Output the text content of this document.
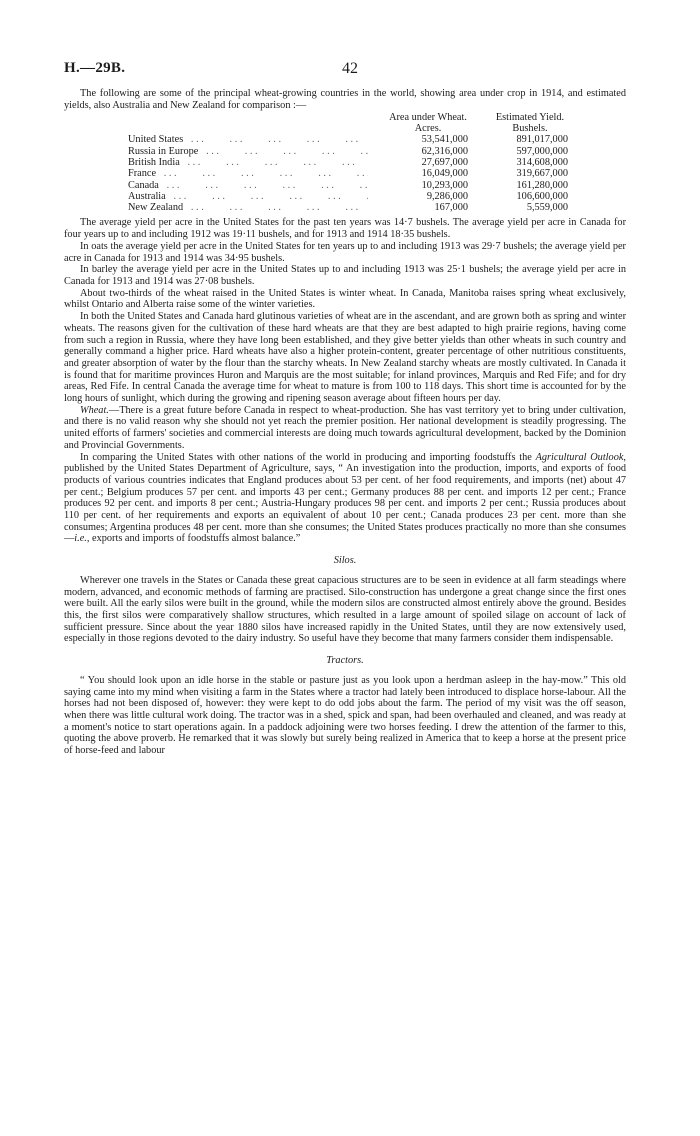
H.—29B.	42

The following are some of the principal wheat-growing countries in the world, showing area under crop in 1914, and estimated yields, also Australia and New Zealand for comparison :—

Area under Wheat.
Acres.
Estimated Yield.
Bushels.
United States . . .	53,541,000	891,017,000
Russia in Europe . . .	62,316,000	597,000,000
British India . . .	27,697,000	314,608,000
France . . .	16,049,000	319,667,000
Canada . . .	10,293,000	161,280,000
Australia . . .	9,286,000	106,600,000
New Zealand . . .	167,000	5,559,000

The average yield per acre in the United States for the past ten years was 14·7 bushels. The average yield per acre in Canada for four years up to and including 1912 was 19·11 bushels, and for 1913 and 1914 18·35 bushels.

In oats the average yield per acre in the United States for ten years up to and including 1913 was 29·7 bushels; the average yield per acre in Canada for 1913 and 1914 was 34·95 bushels.

In barley the average yield per acre in the United States up to and including 1913 was 25·1 bushels; the average yield per acre in Canada for 1913 and 1914 was 27·08 bushels.

About two-thirds of the wheat raised in the United States is winter wheat. In Canada, Manitoba raises spring wheat exclusively, whilst Ontario and Alberta raise some of the winter varieties.

In both the United States and Canada hard glutinous varieties of wheat are in the ascendant, and are grown both as spring and winter wheats. The reasons given for the cultivation of these hard wheats are that they are best adapted to high prairie regions, having come from such a region in Russia, where they have long been established, and they give better yields than other wheats in such country and generally command a higher price. Hard wheats have also a higher protein-content, greater percentage of other nutritious constituents, and greater absorption of water by the flour than the starchy wheats. In New Zealand starchy wheats are mostly cultivated. In Canada it is found that for maritime provinces Huron and Marquis are the most suitable; for inland provinces, Marquis and Red Fife; and for dry areas, Red Fife. In central Canada the average time for wheat to mature is from 100 to 118 days. This short time is accounted for by the long hours of sunlight, which during the growing and ripening season average about fifteen hours per day.

Wheat.—There is a great future before Canada in respect to wheat-production. She has vast territory yet to bring under cultivation, and there is no valid reason why she should not yet reach the premier position. Her national development is steadily progressing. The united efforts of farmers' societies and commercial interests are doing much towards agricultural development, backed by the Dominion and Provincial Governments.

In comparing the United States with other nations of the world in producing and importing foodstuffs the Agricultural Outlook, published by the United States Department of Agriculture, says, “ An investigation into the production, imports, and exports of food products of various countries indicates that England produces about 53 per cent. of her food requirements, and imports (net) about 47 per cent.; Belgium produces 57 per cent. and imports 43 per cent.; Germany produces 88 per cent. and imports 12 per cent.; France produces 92 per cent. and imports 8 per cent.; Austria-Hungary produces 98 per cent. and imports 2 per cent.; Russia produces about 110 per cent. of her requirements and exports an equivalent of about 10 per cent.; Canada produces 23 per cent. more than she consumes; Argentina produces 48 per cent. more than she consumes; the United States produces practically no more than she consumes—i.e., exports and imports of foodstuffs almost balance.”

Silos.

Wherever one travels in the States or Canada these great capacious structures are to be seen in evidence at all farm steadings where modern, advanced, and economic methods of farming are practised. Silo-construction has undergone a great change since the first ones were built. All the early silos were built in the ground, while the modern silos are constructed almost entirely above the ground. Besides this, the first silos were comparatively shallow structures, which resulted in a large amount of spoiled silage on account of lack of sufficient pressure. Since about the year 1880 silos have increased rapidly in the United States, until they are now extensively used, especially in those regions devoted to the dairy industry. So useful have they become that many farmers consider them indispensable.

Tractors.

“ You should look upon an idle horse in the stable or pasture just as you look upon a herdman asleep in the hay-mow.” This old saying came into my mind when visiting a farm in the States where a tractor had lately been introduced to displace horse-labour. All the horses had not been disposed of, however: they were kept to do odd jobs about the farm. The period of my visit was the off season, when there was little cultural work doing. The tractor was in a shed, spick and span, had been overhauled and cleaned, and was ready at a moment's notice to start operations again. In a paddock adjoining were two horses feeding. I drew the attention of the farmer to this, quoting the above proverb. He remarked that it was slowly but surely being realized in America that to keep a horse at the present price of horse-feed and labour
